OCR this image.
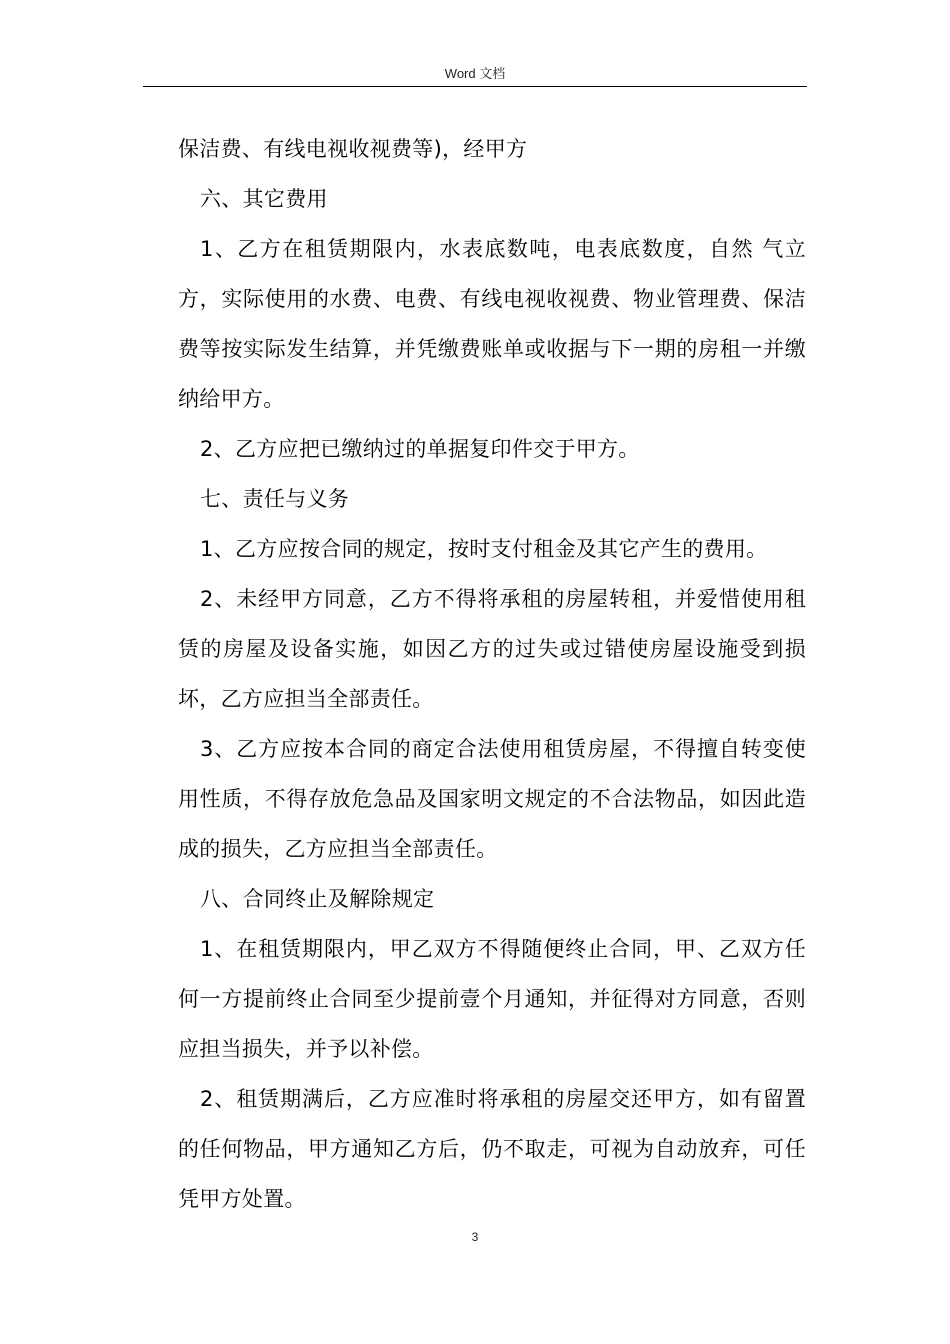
Word 文档

保洁费、有线电视收视费等)，经甲方

六、其它费用

1、乙方在租赁期限内，水表底数吨，电表底数度，自然 气立方，实际使用的水费、电费、有线电视收视费、物业管理费、保洁费等按实际发生结算，并凭缴费账单或收据与下一期的房租一并缴纳给甲方。

2、乙方应把已缴纳过的单据复印件交于甲方。

七、责任与义务

1、乙方应按合同的规定，按时支付租金及其它产生的费用。

2、未经甲方同意，乙方不得将承租的房屋转租，并爱惜使用租赁的房屋及设备实施，如因乙方的过失或过错使房屋设施受到损坏，乙方应担当全部责任。

3、乙方应按本合同的商定合法使用租赁房屋，不得擅自转变使用性质，不得存放危急品及国家明文规定的不合法物品，如因此造成的损失，乙方应担当全部责任。

八、合同终止及解除规定

1、在租赁期限内，甲乙双方不得随便终止合同，甲、乙双方任何一方提前终止合同至少提前壹个月通知，并征得对方同意，否则应担当损失，并予以补偿。

2、租赁期满后，乙方应准时将承租的房屋交还甲方，如有留置的任何物品，甲方通知乙方后，仍不取走，可视为自动放弃，可任凭甲方处置。

3
